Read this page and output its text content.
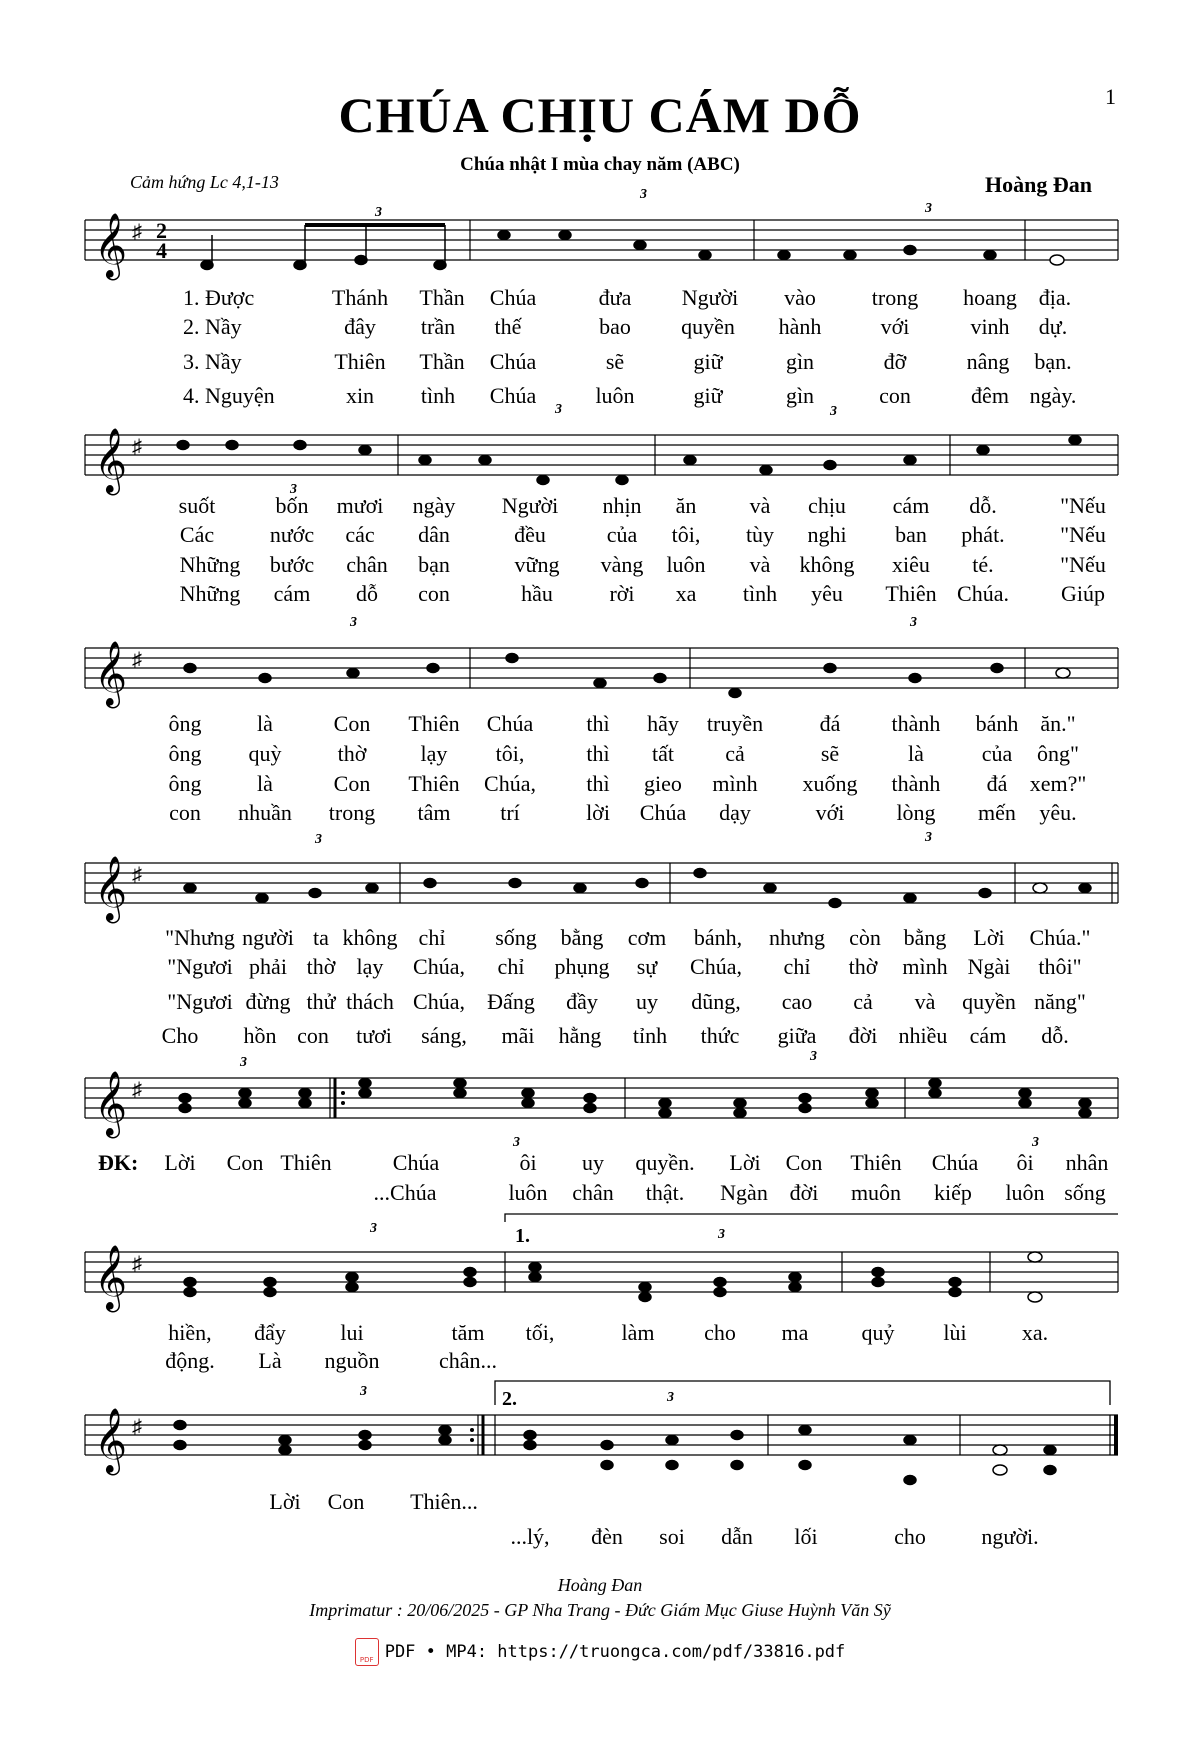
1
CHÚA CHỊU CÁM DỖ
Chúa nhật I mùa chay năm (ABC)
Cảm hứng Lc 4,1-13	Hoàng Đan
𝄞 ♯ 2
4
3
3
3
1. Được	Thánh Thần Chúa	đưa Người vào	trong hoang địa.
2. Nầy	đây trần thế	bao quyền hành	với	vinh dự.
3. Nầy	Thiên Thần Chúa	sẽ	giữ	gìn	đỡ	nâng bạn.
4. Nguyện	xin tình Chúa	luôn	giữ	gìn	con	đêm ngày.
𝄞 ♯
3
3	3
suốt	bốn mươi ngày Người nhịn ăn và chịu cám dỗ.	"Nếu
Các	nước các dân	đều	của tôi, tùy nghi ban phát.	"Nếu
Những bước chân bạn	vững vàng luôn và không xiêu té.	"Nếu
Những cám dỗ con	hầu	rời xa tình yêu Thiên Chúa. Giúp
𝄞 ♯
3	3
ông	là	Con Thiên Chúa thì hãy truyền	đá thành bánh ăn."
ông quỳ	thờ lạy tôi,	thì tất cả	sẽ	là	của ông"
ông	là	Con Thiên Chúa, thì gieo mình xuống thành đá xem?"
con nhuần trong tâm trí	lời Chúa dạy	với lòng mến yêu.
𝄞 ♯
3	3
"Nhưng người ta không chỉ sống bằng cơm bánh, nhưng còn bằng Lời Chúa."
"Ngươi phải thờ lạy Chúa, chỉ phụng sự Chúa, chỉ thờ mình Ngài thôi"
"Ngươi đừng thử thách Chúa, Đấng đầy uy dũng, cao cả và quyền năng"
Cho hồn con tươi sáng, mãi hằng tỉnh thức giữa đời nhiều cám dỗ.
𝄞 ♯
3
3
3
3
ĐK: Lời Con Thiên	Chúa	ôi uy quyền. Lời Con Thiên Chúa ôi nhân
...Chúa	luôn chân thật. Ngàn đời muôn kiếp luôn sống
1.
𝄞 ♯
3	3
hiền, đẩy lui	tăm tối,	làm cho ma quỷ lùi	xa.
động. Là nguồn	chân...
2.
𝄞 ♯
3	3
Lời Con Thiên...
...lý, đèn soi dẫn lối	cho	người.
Hoàng Đan
Imprimatur : 20/06/2025 - GP Nha Trang - Đức Giám Mục Giuse Huỳnh Văn Sỹ
PDFPDF • MP4: https://truongca.com/pdf/33816.pdf
